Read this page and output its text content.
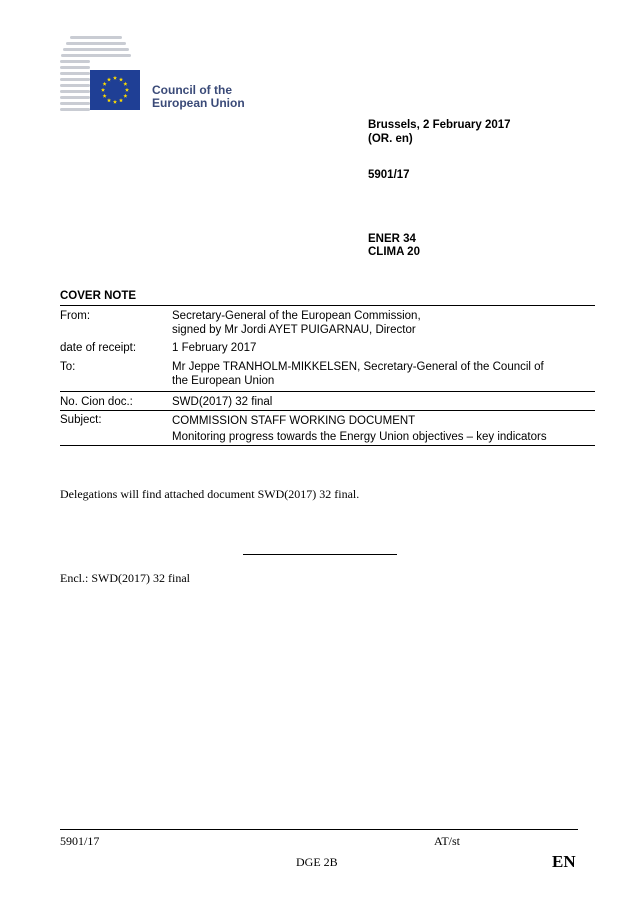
Council of the
European Union
Brussels, 2 February 2017
(OR. en)
5901/17
ENER 34
CLIMA 20
COVER NOTE
From:	Secretary-General of the European Commission,
signed by Mr Jordi AYET PUIGARNAU, Director
date of receipt:	1 February 2017
To:	Mr Jeppe TRANHOLM-MIKKELSEN, Secretary-General of the Council of
the European Union
No. Cion doc.:	SWD(2017) 32 final
Subject:	COMMISSION STAFF WORKING DOCUMENT
Monitoring progress towards the Energy Union objectives – key indicators
Delegations will find attached document SWD(2017) 32 final.
Encl.: SWD(2017) 32 final
5901/17	AT/st
DGE 2B	EN
